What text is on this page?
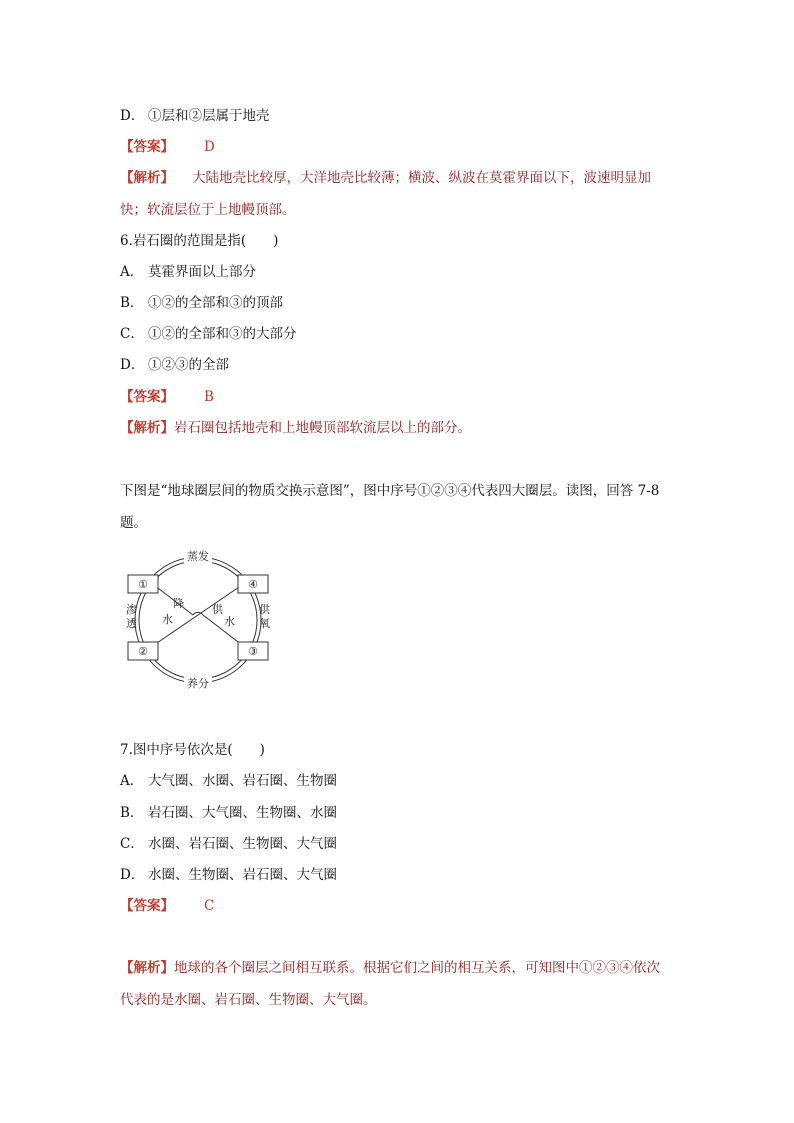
D． ①层和②层属于地壳
【答案】 D
【解析】 大陆地壳比较厚，大洋地壳比较薄；横波、纵波在莫霍界面以下，波速明显加
快；软流层位于上地幔顶部。
6.岩石圈的范围是指(　　)
A． 莫霍界面以上部分
B． ①②的全部和③的顶部
C． ①②的全部和③的大部分
D． ①②③的全部
【答案】 B
【解析】岩石圈包括地壳和上地幔顶部软流层以上的部分。
下图是“地球圈层间的物质交换示意图”，图中序号①②③④代表四大圈层。读图，回答 7-8
题。
①	④
②	③
蒸发
养分
渗
透
供
氧
降
水
供
水
7.图中序号依次是(　　)
A． 大气圈、水圈、岩石圈、生物圈
B． 岩石圈、大气圈、生物圈、水圈
C． 水圈、岩石圈、生物圈、大气圈
D． 水圈、生物圈、岩石圈、大气圈
【答案】 C
【解析】地球的各个圈层之间相互联系。根据它们之间的相互关系，可知图中①②③④依次
代表的是水圈、岩石圈、生物圈、大气圈。
